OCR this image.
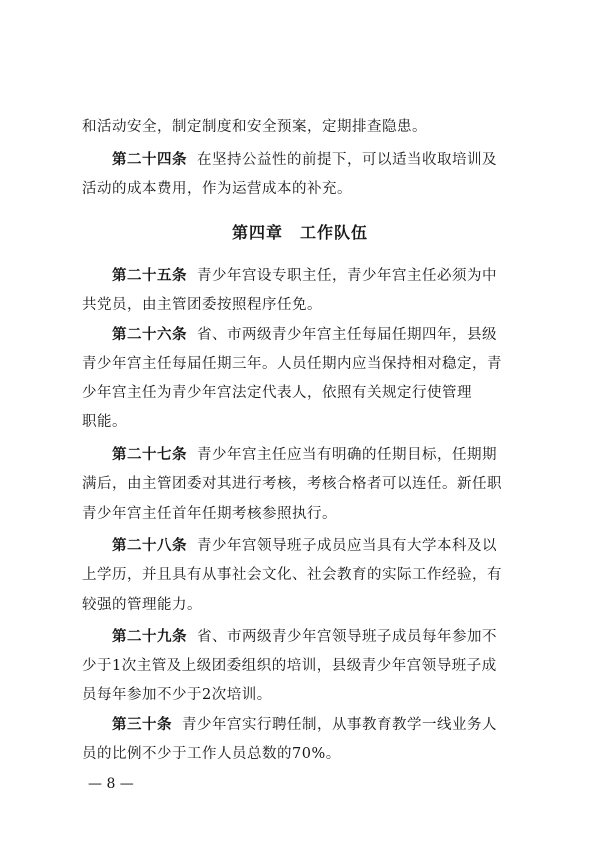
和活动安全，制定制度和安全预案，定期排查隐患。
第二十四条 在坚持公益性的前提下，可以适当收取培训及
活动的成本费用，作为运营成本的补充。
第四章　工作队伍
第二十五条 青少年宫设专职主任，青少年宫主任必须为中
共党员，由主管团委按照程序任免。
第二十六条 省、市两级青少年宫主任每届任期四年，县级
青少年宫主任每届任期三年。人员任期内应当保持相对稳定，青
少年宫主任为青少年宫法定代表人，依照有关规定行使管理
职能。
第二十七条 青少年宫主任应当有明确的任期目标，任期期
满后，由主管团委对其进行考核，考核合格者可以连任。新任职
青少年宫主任首年任期考核参照执行。
第二十八条 青少年宫领导班子成员应当具有大学本科及以
上学历，并且具有从事社会文化、社会教育的实际工作经验，有
较强的管理能力。
第二十九条 省、市两级青少年宫领导班子成员每年参加不
少于1次主管及上级团委组织的培训，县级青少年宫领导班子成
员每年参加不少于2次培训。
第三十条 青少年宫实行聘任制，从事教育教学一线业务人
员的比例不少于工作人员总数的70%。
— 8 —
